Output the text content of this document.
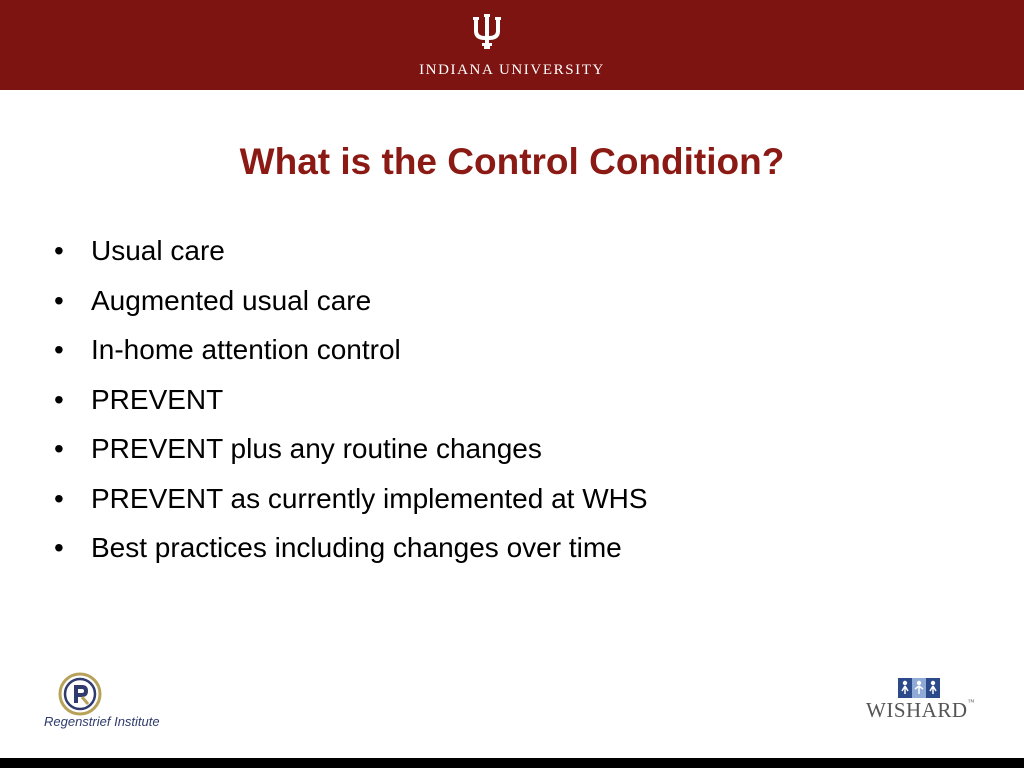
INDIANA UNIVERSITY
What is the Control Condition?
• Usual care
• Augmented usual care
• In-home attention control
• PREVENT
• PREVENT plus any routine changes
• PREVENT as currently implemented at WHS
• Best practices including changes over time
Regenstrief Institute	WISHARD™
